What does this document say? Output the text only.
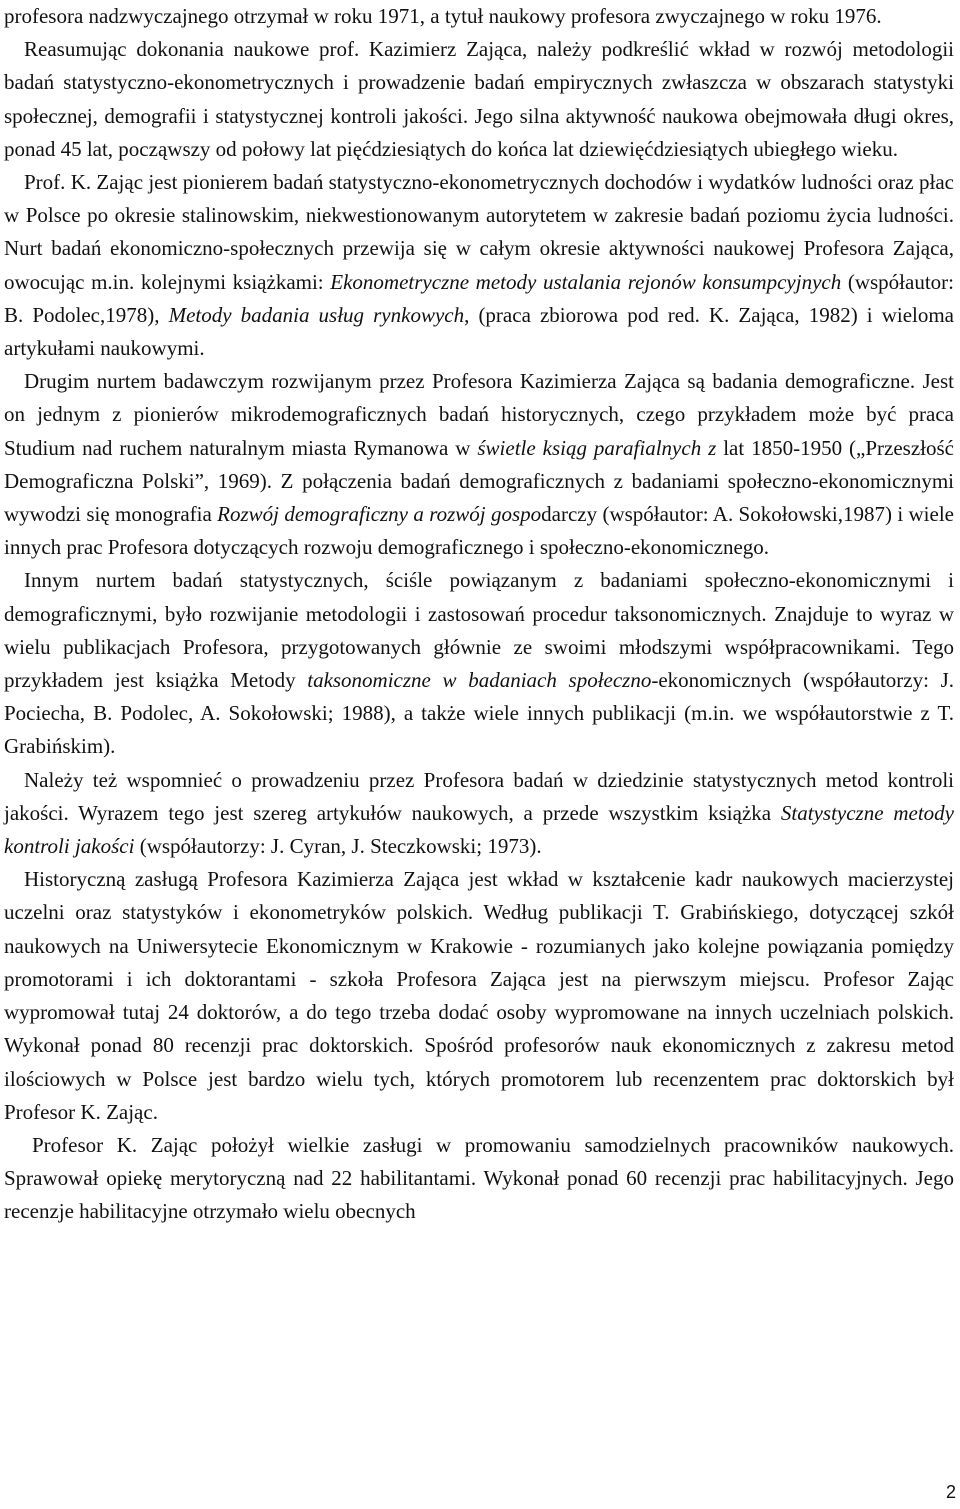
profesora nadzwyczajnego otrzymał w roku 1971, a tytuł naukowy profesora zwyczajnego w roku 1976.

Reasumując dokonania naukowe prof. Kazimierz Zająca, należy podkreślić wkład w rozwój metodologii badań statystyczno-ekonometrycznych i prowadzenie badań empirycznych zwłaszcza w obszarach statystyki społecznej, demografii i statystycznej kontroli jakości. Jego silna aktywność naukowa obejmowała długi okres, ponad 45 lat, począwszy od połowy lat pięćdziesiątych do końca lat dziewięćdziesiątych ubiegłego wieku.

Prof. K. Zając jest pionierem badań statystyczno-ekonometrycznych dochodów i wydatków ludności oraz płac w Polsce po okresie stalinowskim, niekwestionowanym autorytetem w zakresie badań poziomu życia ludności. Nurt badań ekonomiczno-społecznych przewija się w całym okresie aktywności naukowej Profesora Zająca, owocując m.in. kolejnymi książkami: Ekonometryczne metody ustalania rejonów konsumpcyjnych (współautor: B. Podolec,1978), Metody badania usług rynkowych, (praca zbiorowa pod red. K. Zająca, 1982) i wieloma artykułami naukowymi.

Drugim nurtem badawczym rozwijanym przez Profesora Kazimierza Zająca są badania demograficzne. Jest on jednym z pionierów mikrodemograficznych badań historycznych, czego przykładem może być praca Studium nad ruchem naturalnym miasta Rymanowa w świetle ksiąg parafialnych z lat 1850-1950 („Przeszłość Demograficzna Polski”, 1969). Z połączenia badań demograficznych z badaniami społeczno-ekonomicznymi wywodzi się monografia Rozwój demograficzny a rozwój gospodarczy (współautor: A. Sokołowski,1987) i wiele innych prac Profesora dotyczących rozwoju demograficznego i społeczno-ekonomicznego.

Innym nurtem badań statystycznych, ściśle powiązanym z badaniami społeczno-ekonomicznymi i demograficznymi, było rozwijanie metodologii i zastosowań procedur taksonomicznych. Znajduje to wyraz w wielu publikacjach Profesora, przygotowanych głównie ze swoimi młodszymi współpracownikami. Tego przykładem jest książka Metody taksonomiczne w badaniach społeczno-ekonomicznych (współautorzy: J. Pociecha, B. Podolec, A. Sokołowski; 1988), a także wiele innych publikacji (m.in. we współautorstwie z T. Grabińskim).

Należy też wspomnieć o prowadzeniu przez Profesora badań w dziedzinie statystycznych metod kontroli jakości. Wyrazem tego jest szereg artykułów naukowych, a przede wszystkim książka Statystyczne metody kontroli jakości (współautorzy: J. Cyran, J. Steczkowski; 1973).

Historyczną zasługą Profesora Kazimierza Zająca jest wkład w kształcenie kadr naukowych macierzystej uczelni oraz statystyków i ekonometryków polskich. Według publikacji T. Grabińskiego, dotyczącej szkół naukowych na Uniwersytecie Ekonomicznym w Krakowie - rozumianych jako kolejne powiązania pomiędzy promotorami i ich doktorantami - szkoła Profesora Zająca jest na pierwszym miejscu. Profesor Zając wypromował tutaj 24 doktorów, a do tego trzeba dodać osoby wypromowane na innych uczelniach polskich. Wykonał ponad 80 recenzji prac doktorskich. Spośród profesorów nauk ekonomicznych z zakresu metod ilościowych w Polsce jest bardzo wielu tych, których promotorem lub recenzentem prac doktorskich był Profesor K. Zając.

Profesor K. Zając położył wielkie zasługi w promowaniu samodzielnych pracowników naukowych. Sprawował opiekę merytoryczną nad 22 habilitantami. Wykonał ponad 60 recenzji prac habilitacyjnych. Jego recenzje habilitacyjne otrzymało wielu obecnych

2
